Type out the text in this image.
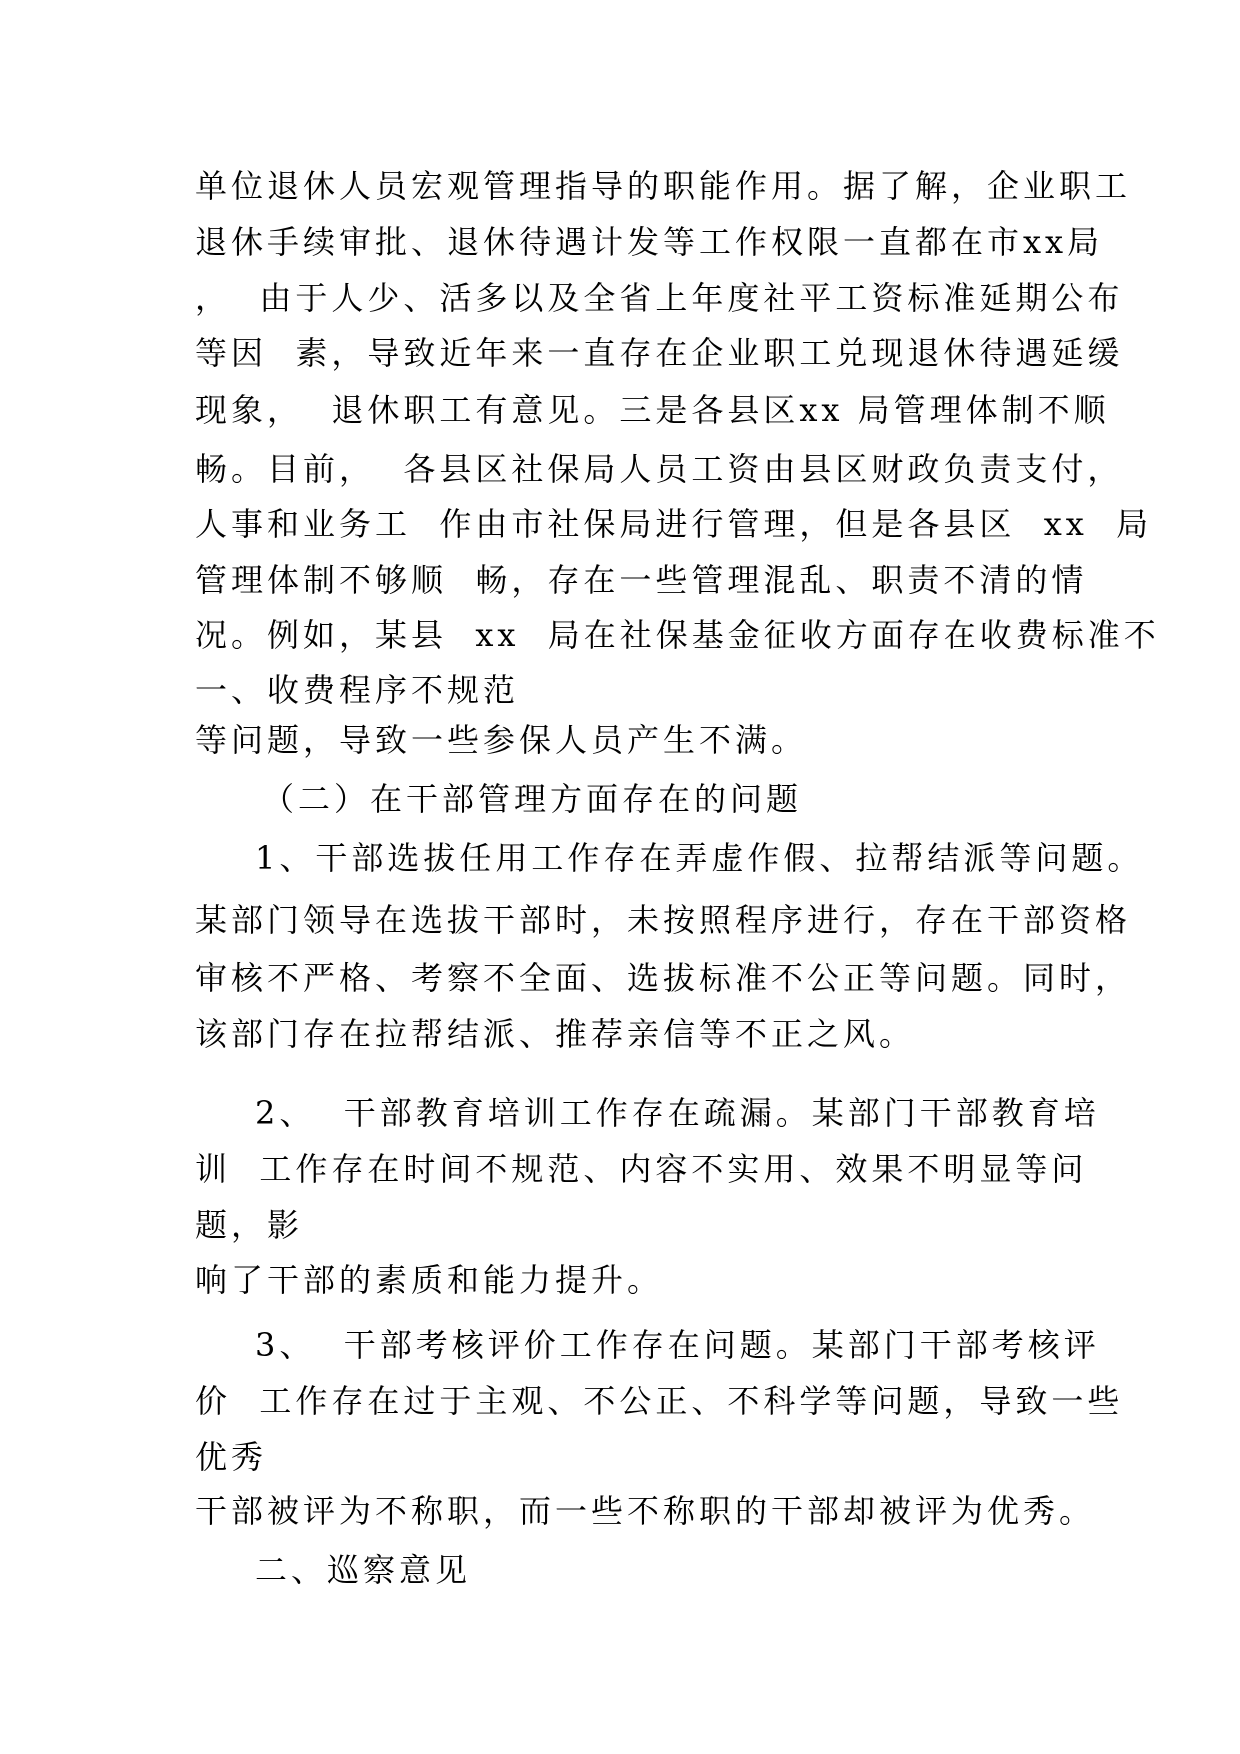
单位退休人员宏观管理指导的职能作用。据了解，企业职工
退休手续审批、退休待遇计发等工作权限一直都在市xx局
，  由于人少、活多以及全省上年度社平工资标准延期公布
等因  素，导致近年来一直存在企业职工兑现退休待遇延缓
现象，  退休职工有意见。三是各县区xx 局管理体制不顺
畅。目前，  各县区社保局人员工资由县区财政负责支付，
人事和业务工  作由市社保局进行管理，但是各县区  xx  局
管理体制不够顺  畅，存在一些管理混乱、职责不清的情
况。例如，某县  xx  局在社保基金征收方面存在收费标准不
一、收费程序不规范
等问题，导致一些参保人员产生不满。
（二）在干部管理方面存在的问题
1、干部选拔任用工作存在弄虚作假、拉帮结派等问题。
某部门领导在选拔干部时，未按照程序进行，存在干部资格
审核不严格、考察不全面、选拔标准不公正等问题。同时，
该部门存在拉帮结派、推荐亲信等不正之风。
2、  干部教育培训工作存在疏漏。某部门干部教育培
训  工作存在时间不规范、内容不实用、效果不明显等问
题，影
响了干部的素质和能力提升。
3、  干部考核评价工作存在问题。某部门干部考核评
价  工作存在过于主观、不公正、不科学等问题，导致一些
优秀
干部被评为不称职，而一些不称职的干部却被评为优秀。
二、巡察意见
